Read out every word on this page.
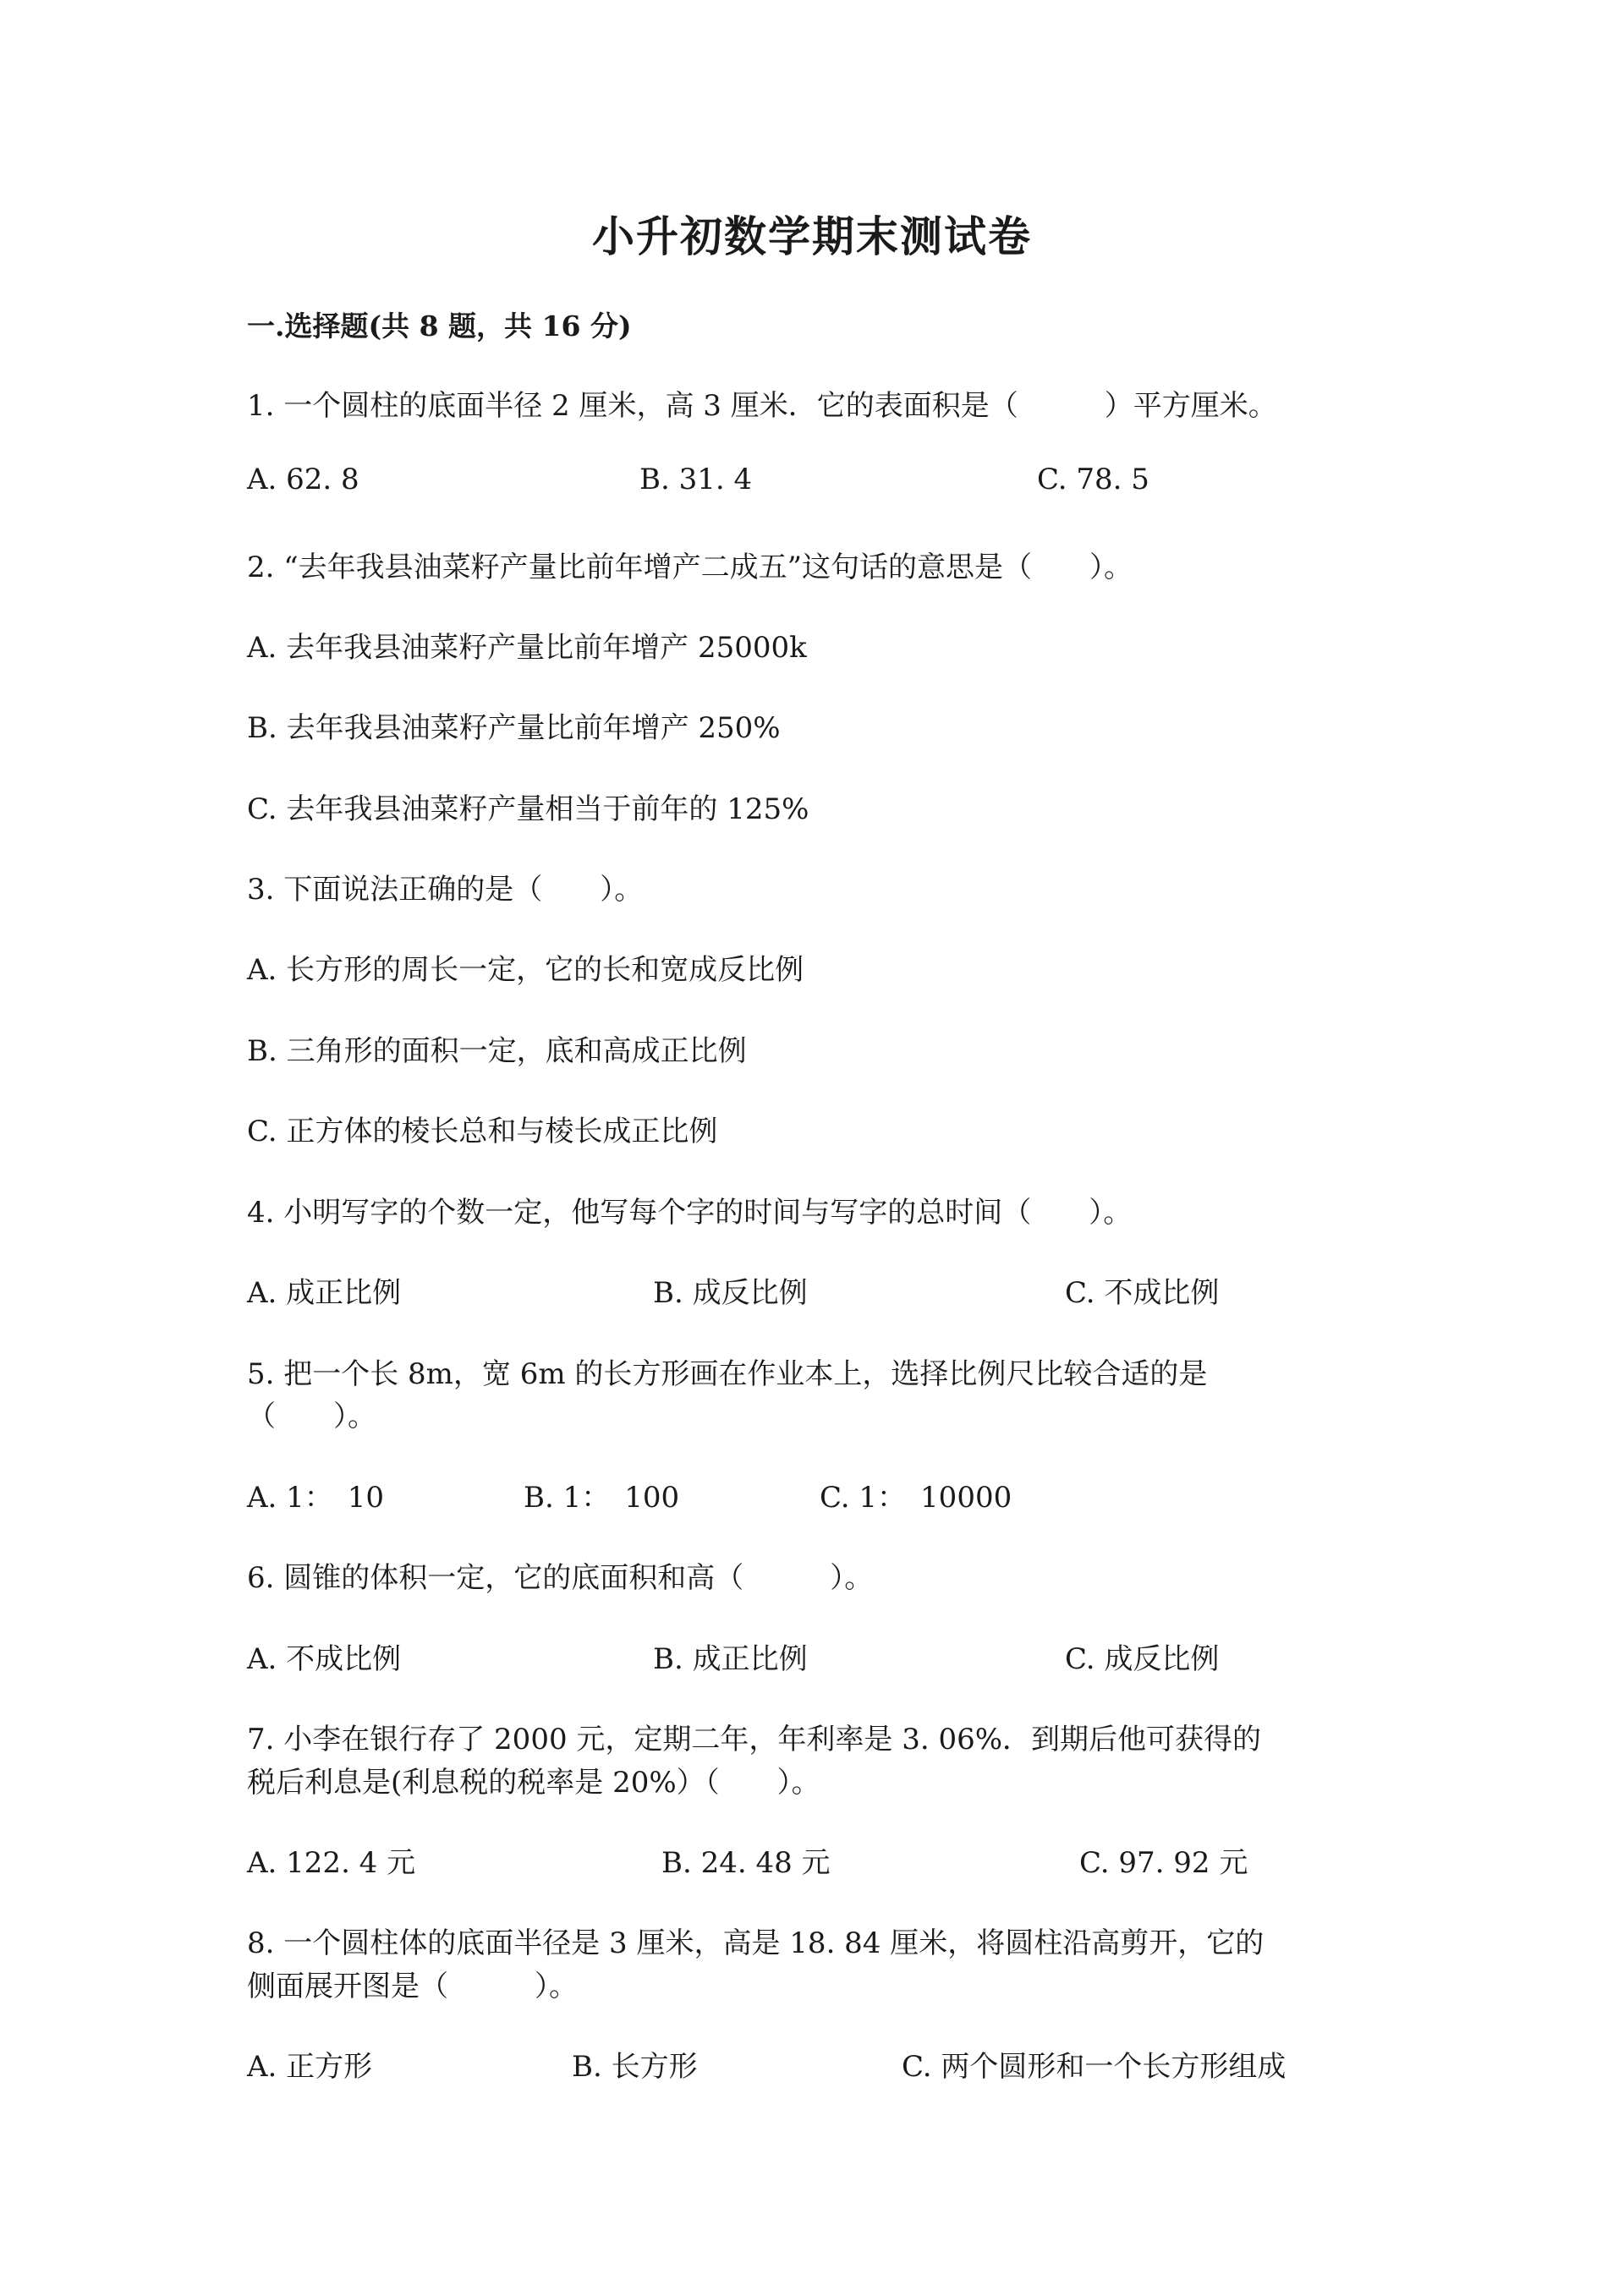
小升初数学期末测试卷
一.选择题(共 8 题，共 16 分)
1. 一个圆柱的底面半径 2 厘米，高 3 厘米．它的表面积是（　　　）平方厘米。
A. 62. 8	B. 31. 4	C. 78. 5
2. “去年我县油菜籽产量比前年增产二成五”这句话的意思是（　　）。
A. 去年我县油菜籽产量比前年增产 25000k
B. 去年我县油菜籽产量比前年增产 250%
C. 去年我县油菜籽产量相当于前年的 125%
3. 下面说法正确的是（　　）。
A. 长方形的周长一定，它的长和宽成反比例
B. 三角形的面积一定，底和高成正比例
C. 正方体的棱长总和与棱长成正比例
4. 小明写字的个数一定，他写每个字的时间与写字的总时间（　　）。
A. 成正比例	B. 成反比例	C. 不成比例
5. 把一个长 8m，宽 6m 的长方形画在作业本上，选择比例尺比较合适的是
（　　）。
A. 1：　10	B. 1：　100	C. 1：　10000
6. 圆锥的体积一定，它的底面积和高（　　　）。
A. 不成比例	B. 成正比例	C. 成反比例
7. 小李在银行存了 2000 元，定期二年，年利率是 3. 06%．到期后他可获得的
税后利息是(利息税的税率是 20%）（　　）。
A. 122. 4 元	B. 24. 48 元	C. 97. 92 元
8. 一个圆柱体的底面半径是 3 厘米，高是 18. 84 厘米，将圆柱沿高剪开，它的
侧面展开图是（　　　）。
A. 正方形	B. 长方形	C. 两个圆形和一个长方形组成
